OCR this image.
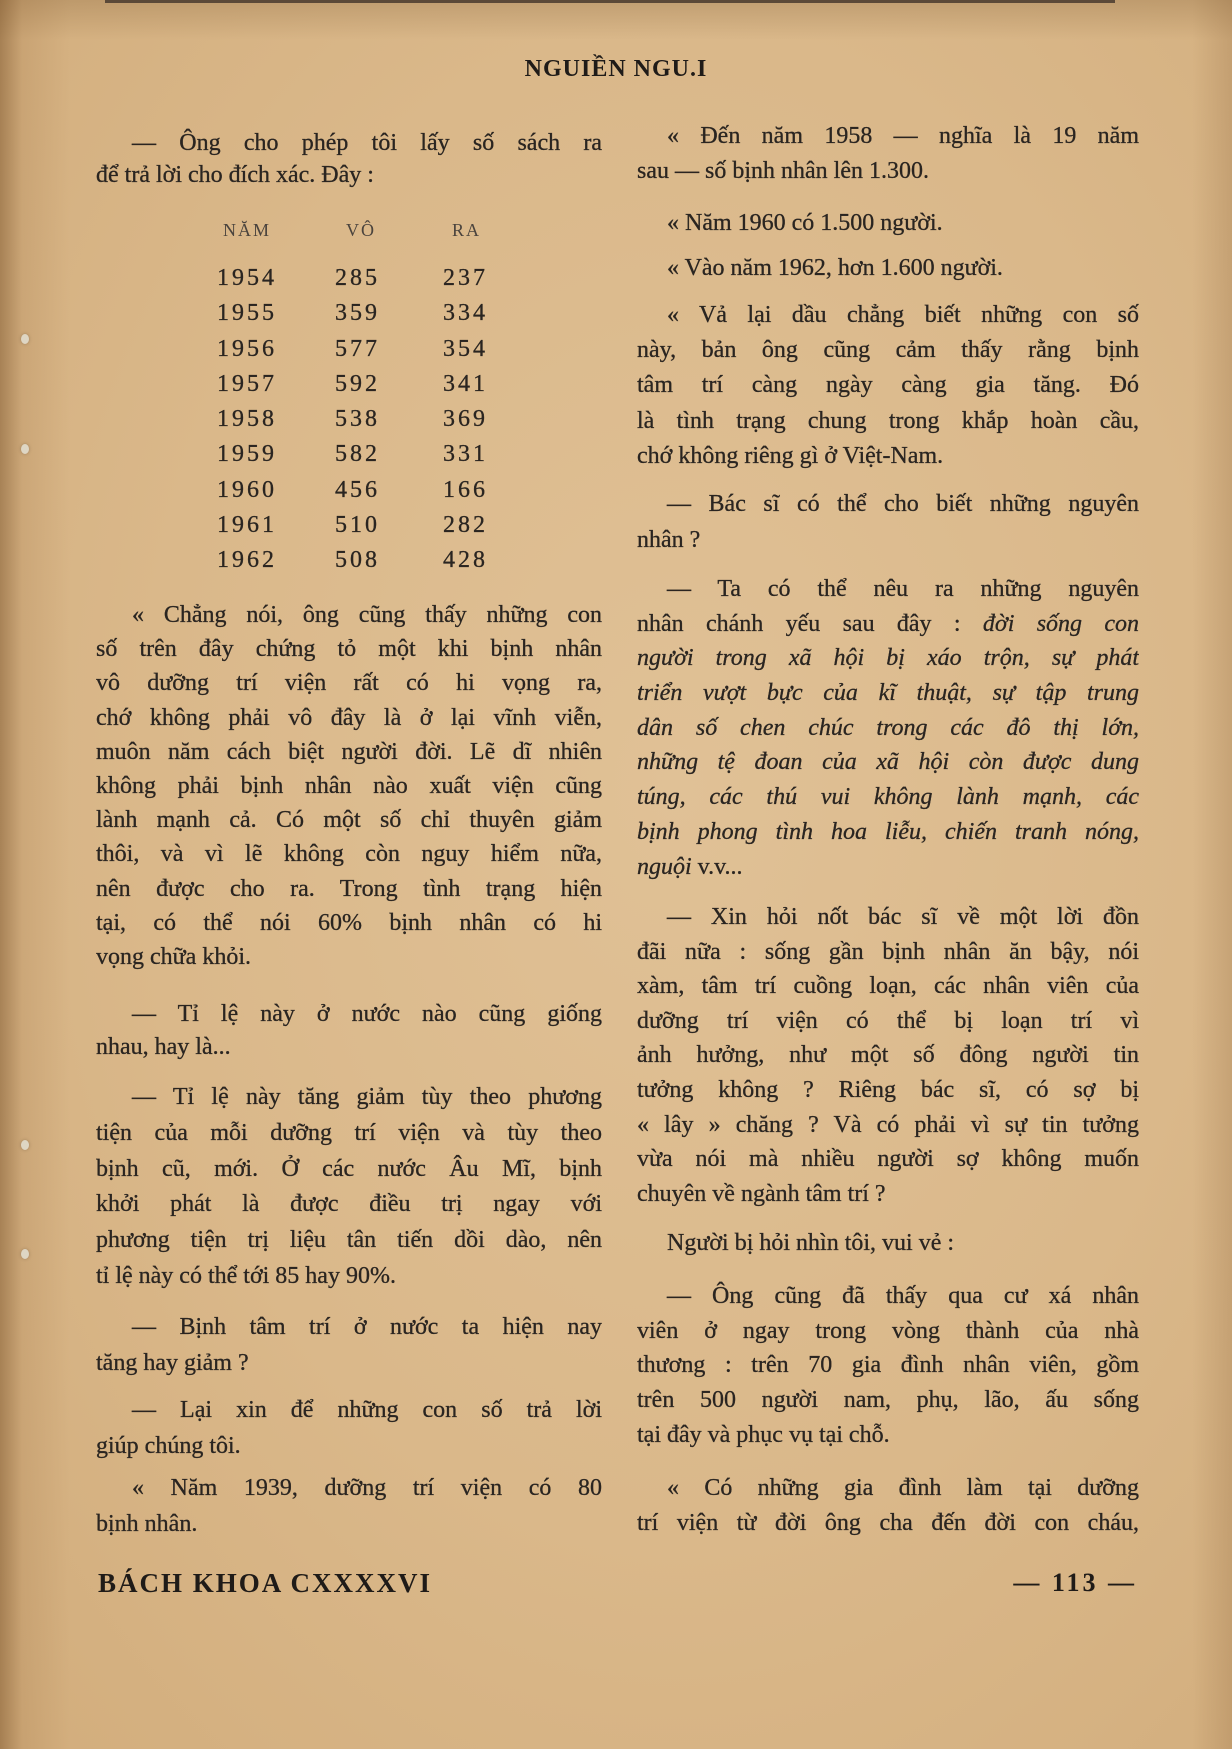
NGUIỀN NGU.I
— Ông cho phép tôi lấy số sách ra
để trả lời cho đích xác. Đây :
NĂM	VÔ	RA
1954	285	237
1955	359	334
1956	577	354
1957	592	341
1958	538	369
1959	582	331
1960	456	166
1961	510	282
1962	508	428
« Chẳng nói, ông cũng thấy những con
số trên đây chứng tỏ một khi bịnh nhân
vô dưỡng trí viện rất có hi vọng ra,
chớ không phải vô đây là ở lại vĩnh viễn,
muôn năm cách biệt người đời. Lẽ dĩ nhiên
không phải bịnh nhân nào xuất viện cũng
lành mạnh cả. Có một số chỉ thuyên giảm
thôi, và vì lẽ không còn nguy hiểm nữa,
nên được cho ra. Trong tình trạng hiện
tại, có thể nói 60% bịnh nhân có hi
vọng chữa khỏi.
— Tỉ lệ này ở nước nào cũng giống
nhau, hay là...
— Tỉ lệ này tăng giảm tùy theo phương
tiện của mỗi dưỡng trí viện và tùy theo
bịnh cũ, mới. Ở các nước Âu Mĩ, bịnh
khởi phát là được điều trị ngay với
phương tiện trị liệu tân tiến dồi dào, nên
tỉ lệ này có thể tới 85 hay 90%.
— Bịnh tâm trí ở nước ta hiện nay
tăng hay giảm ?
— Lại xin để những con số trả lời
giúp chúng tôi.
« Năm 1939, dưỡng trí viện có 80
bịnh nhân.
« Đến năm 1958 — nghĩa là 19 năm
sau — số bịnh nhân lên 1.300.
« Năm 1960 có 1.500 người.
« Vào năm 1962, hơn 1.600 người.
« Vả lại dầu chẳng biết những con số
này, bản ông cũng cảm thấy rằng bịnh
tâm trí càng ngày càng gia tăng. Đó
là tình trạng chung trong khắp hoàn cầu,
chớ không riêng gì ở Việt-Nam.
— Bác sĩ có thể cho biết những nguyên
nhân ?
— Ta có thể nêu ra những nguyên
nhân chánh yếu sau đây : đời sống con
người trong xã hội bị xáo trộn, sự phát
triển vượt bực của kĩ thuật, sự tập trung
dân số chen chúc trong các đô thị lớn,
những tệ đoan của xã hội còn được dung
túng, các thú vui không lành mạnh, các
bịnh phong tình hoa liễu, chiến tranh nóng,
nguội v.v...
— Xin hỏi nốt bác sĩ về một lời đồn
đãi nữa : sống gần bịnh nhân ăn bậy, nói
xàm, tâm trí cuồng loạn, các nhân viên của
dưỡng trí viện có thể bị loạn trí vì
ảnh hưởng, như một số đông người tin
tưởng không ? Riêng bác sĩ, có sợ bị
« lây » chăng ? Và có phải vì sự tin tưởng
vừa nói mà nhiều người sợ không muốn
chuyên về ngành tâm trí ?
Người bị hỏi nhìn tôi, vui vẻ :
— Ông cũng đã thấy qua cư xá nhân
viên ở ngay trong vòng thành của nhà
thương : trên 70 gia đình nhân viên, gồm
trên 500 người nam, phụ, lão, ấu sống
tại đây và phục vụ tại chỗ.
« Có những gia đình làm tại dưỡng
trí viện từ đời ông cha đến đời con cháu,
BÁCH KHOA CXXXXVI	— 113 —
